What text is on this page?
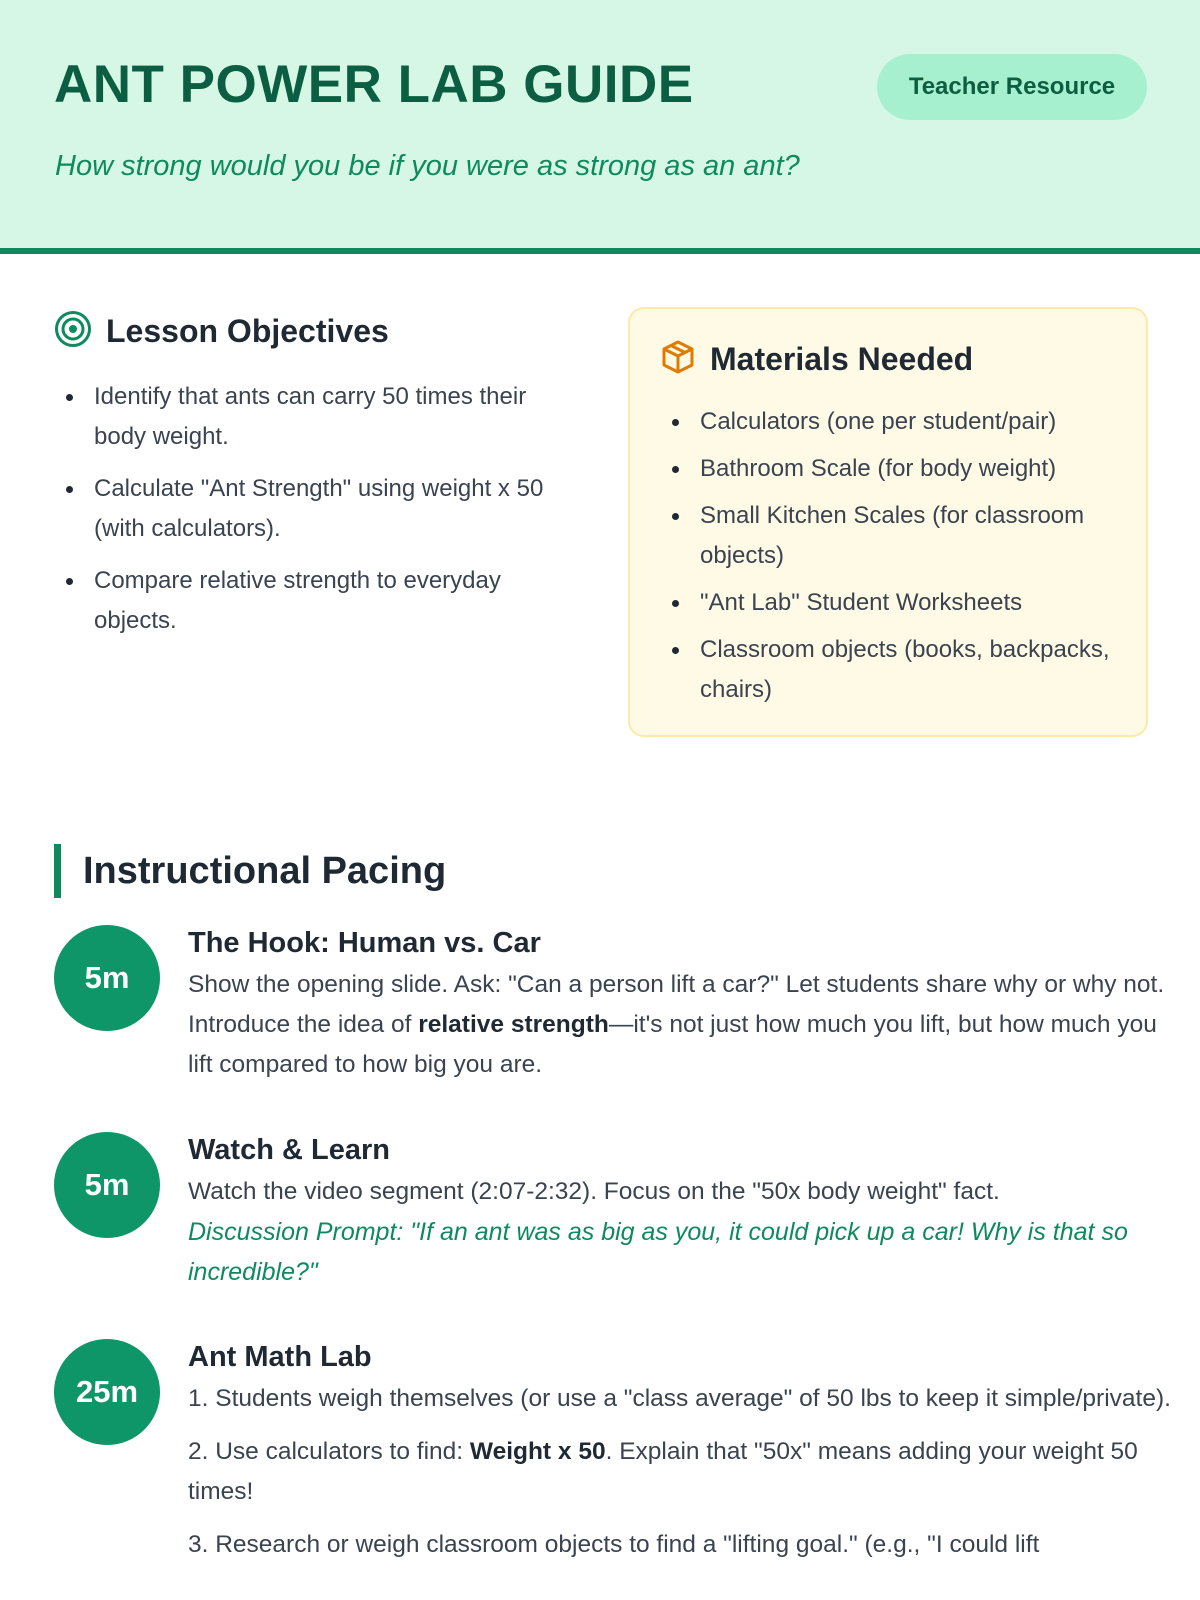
ANT POWER LAB GUIDE	Teacher Resource
How strong would you be if you were as strong as an ant?
Lesson Objectives
Identify that ants can carry 50 times their body weight.
Calculate "Ant Strength" using weight x 50 (with calculators).
Compare relative strength to everyday objects.
Materials Needed
Calculators (one per student/pair)
Bathroom Scale (for body weight)
Small Kitchen Scales (for classroom objects)
"Ant Lab" Student Worksheets
Classroom objects (books, backpacks, chairs)
Instructional Pacing
5m
The Hook: Human vs. Car
Show the opening slide. Ask: "Can a person lift a car?" Let students share why or why not. Introduce the idea of relative strength—it's not just how much you lift, but how much you lift compared to how big you are.
5m
Watch & Learn
Watch the video segment (2:07-2:32). Focus on the "50x body weight" fact.
Discussion Prompt: "If an ant was as big as you, it could pick up a car! Why is that so incredible?"
25m
Ant Math Lab
1. Students weigh themselves (or use a "class average" of 50 lbs to keep it simple/private).
2. Use calculators to find: Weight x 50. Explain that "50x" means adding your weight 50 times!
3. Research or weigh classroom objects to find a "lifting goal." (e.g., "I could lift
